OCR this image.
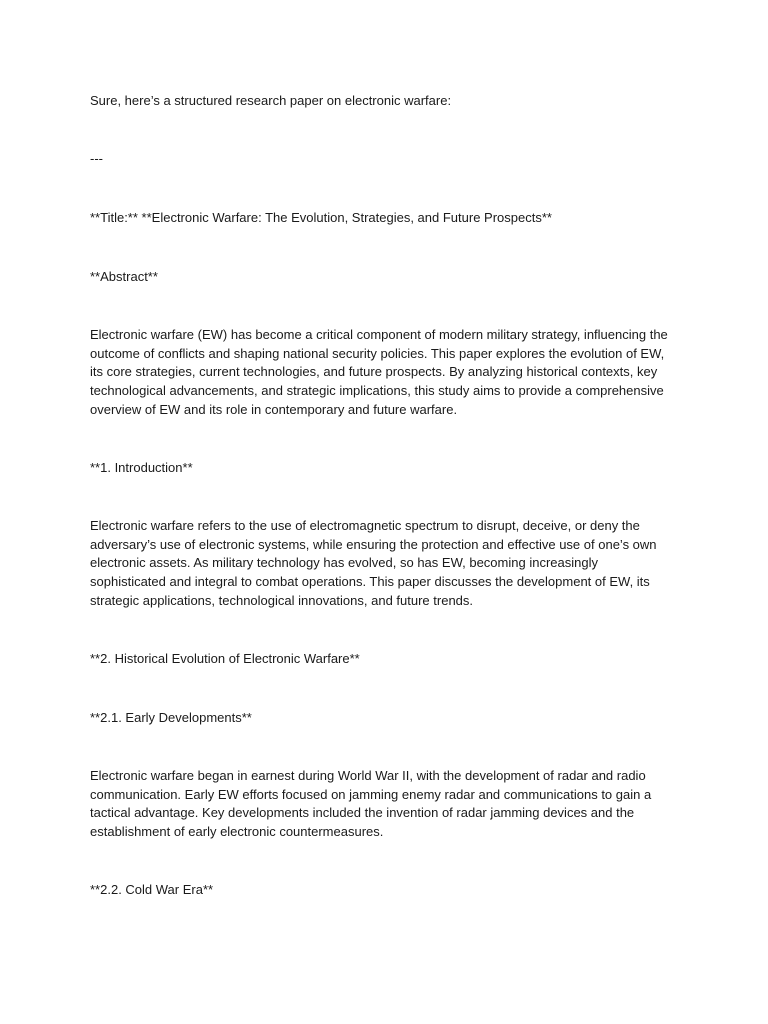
Sure, here’s a structured research paper on electronic warfare:

---

**Title:** **Electronic Warfare: The Evolution, Strategies, and Future Prospects**

**Abstract**

Electronic warfare (EW) has become a critical component of modern military strategy, influencing the outcome of conflicts and shaping national security policies. This paper explores the evolution of EW, its core strategies, current technologies, and future prospects. By analyzing historical contexts, key technological advancements, and strategic implications, this study aims to provide a comprehensive overview of EW and its role in contemporary and future warfare.

**1. Introduction**

Electronic warfare refers to the use of electromagnetic spectrum to disrupt, deceive, or deny the adversary’s use of electronic systems, while ensuring the protection and effective use of one’s own electronic assets. As military technology has evolved, so has EW, becoming increasingly sophisticated and integral to combat operations. This paper discusses the development of EW, its strategic applications, technological innovations, and future trends.

**2. Historical Evolution of Electronic Warfare**

**2.1. Early Developments**

Electronic warfare began in earnest during World War II, with the development of radar and radio communication. Early EW efforts focused on jamming enemy radar and communications to gain a tactical advantage. Key developments included the invention of radar jamming devices and the establishment of early electronic countermeasures.

**2.2. Cold War Era**
